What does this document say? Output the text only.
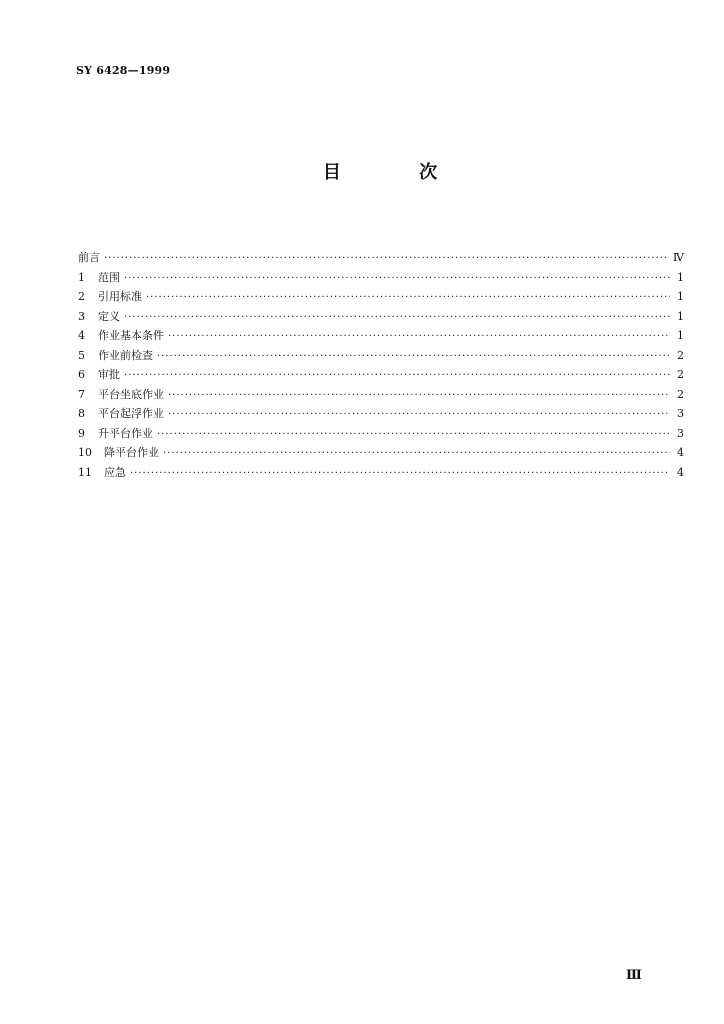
SY 6428—1999
目 次
前言 ·····	Ⅳ
1	范围 ·····	1
2	引用标准 ·····	1
3	定义 ·····	1
4	作业基本条件 ·····	1
5	作业前检查 ·····	2
6	审批 ·····	2
7	平台坐底作业 ·····	2
8	平台起浮作业 ·····	3
9	升平台作业 ·····	3
10	降平台作业 ·····	4
11	应急 ·····	4
Ⅲ
